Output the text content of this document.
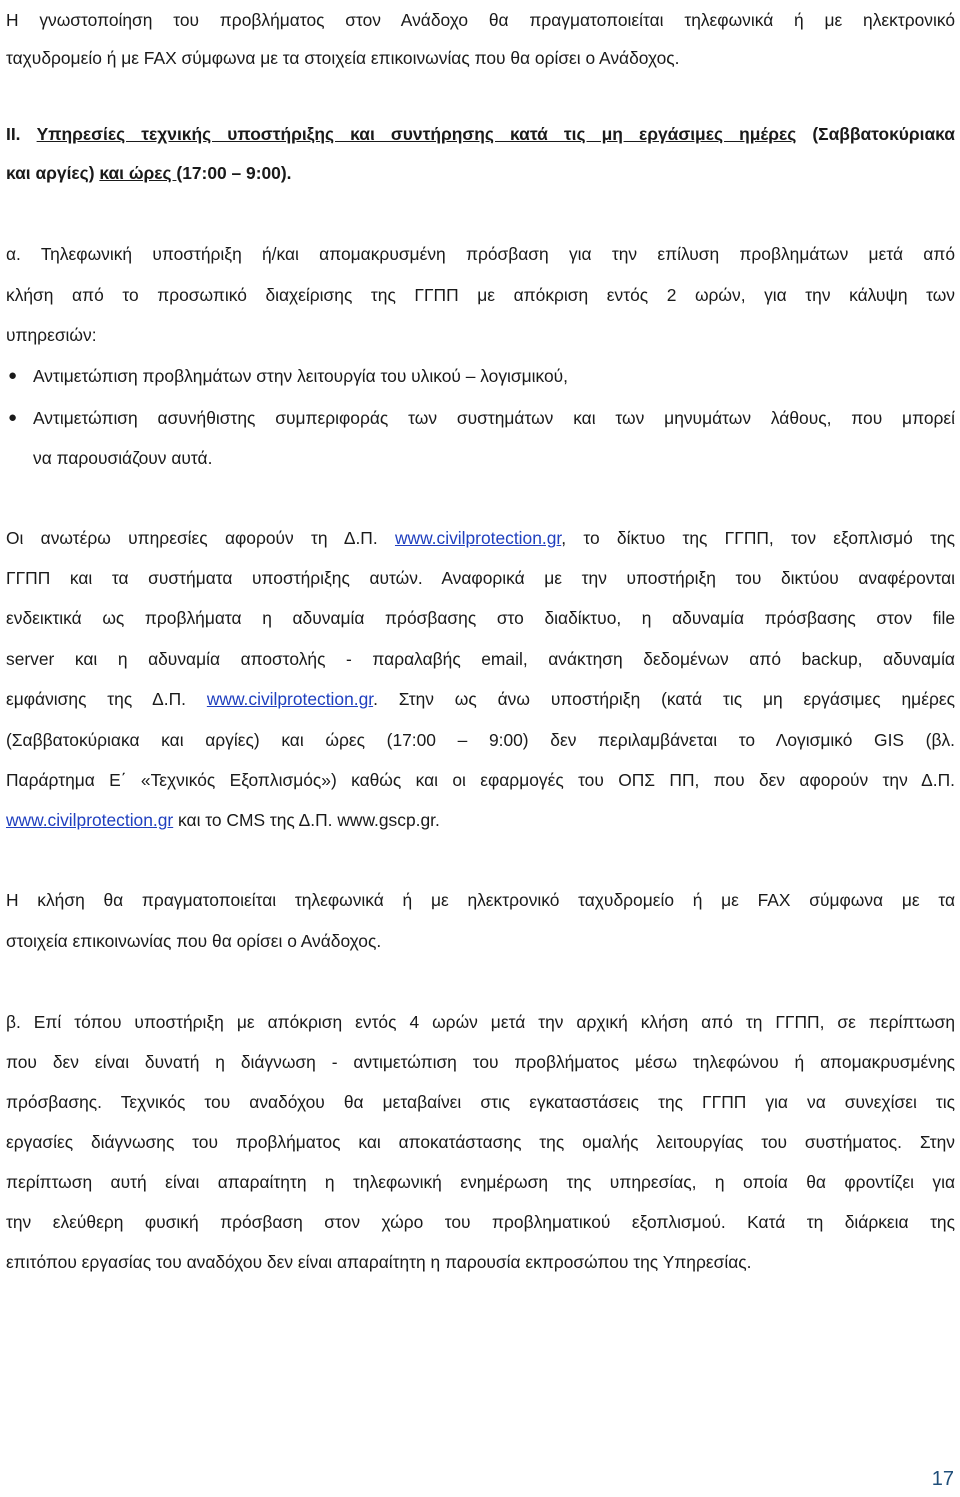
Η γνωστοποίηση του προβλήματος στον Ανάδοχο θα πραγματοποιείται τηλεφωνικά ή με ηλεκτρονικό
ταχυδρομείο ή με FAX σύμφωνα με τα στοιχεία επικοινωνίας που θα ορίσει ο Ανάδοχος.
II. Υπηρεσίες τεχνικής υποστήριξης και συντήρησης κατά τις μη εργάσιμες ημέρες (Σαββατοκύριακα
και αργίες) και ώρες (17:00 – 9:00).
α. Τηλεφωνική υποστήριξη ή/και απομακρυσμένη πρόσβαση για την επίλυση προβλημάτων μετά από
κλήση από το προσωπικό διαχείρισης της ΓΓΠΠ με απόκριση εντός 2 ωρών, για την κάλυψη των
υπηρεσιών:
● Αντιμετώπιση προβλημάτων στην λειτουργία του υλικού – λογισμικού,
● Αντιμετώπιση ασυνήθιστης συμπεριφοράς των συστημάτων και των μηνυμάτων λάθους, που μπορεί
να παρουσιάζουν αυτά.
Οι ανωτέρω υπηρεσίες αφορούν τη Δ.Π. www.civilprotection.gr, το δίκτυο της ΓΓΠΠ, τον εξοπλισμό της
ΓΓΠΠ και τα συστήματα υποστήριξης αυτών. Αναφορικά με την υποστήριξη του δικτύου αναφέρονται
ενδεικτικά ως προβλήματα η αδυναμία πρόσβασης στο διαδίκτυο, η αδυναμία πρόσβασης στον file
server και η αδυναμία αποστολής - παραλαβής email, ανάκτηση δεδομένων από backup, αδυναμία
εμφάνισης της Δ.Π. www.civilprotection.gr. Στην ως άνω υποστήριξη (κατά τις μη εργάσιμες ημέρες
(Σαββατοκύριακα και αργίες) και ώρες (17:00 – 9:00) δεν περιλαμβάνεται το Λογισμικό GIS (βλ.
Παράρτημα Ε΄ «Τεχνικός Εξοπλισμός») καθώς και οι εφαρμογές του ΟΠΣ ΠΠ, που δεν αφορούν την Δ.Π.
www.civilprotection.gr και το CMS της Δ.Π. www.gscp.gr.
Η κλήση θα πραγματοποιείται τηλεφωνικά ή με ηλεκτρονικό ταχυδρομείο ή με FAX σύμφωνα με τα
στοιχεία επικοινωνίας που θα ορίσει ο Ανάδοχος.
β. Επί τόπου υποστήριξη με απόκριση εντός 4 ωρών μετά την αρχική κλήση από τη ΓΓΠΠ, σε περίπτωση
που δεν είναι δυνατή η διάγνωση - αντιμετώπιση του προβλήματος μέσω τηλεφώνου ή απομακρυσμένης
πρόσβασης. Τεχνικός του αναδόχου θα μεταβαίνει στις εγκαταστάσεις της ΓΓΠΠ για να συνεχίσει τις
εργασίες διάγνωσης του προβλήματος και αποκατάστασης της ομαλής λειτουργίας του συστήματος. Στην
περίπτωση αυτή είναι απαραίτητη η τηλεφωνική ενημέρωση της υπηρεσίας, η οποία θα φροντίζει για
την ελεύθερη φυσική πρόσβαση στον χώρο του προβληματικού εξοπλισμού. Κατά τη διάρκεια της
επιτόπου εργασίας του αναδόχου δεν είναι απαραίτητη η παρουσία εκπροσώπου της Υπηρεσίας.
17
